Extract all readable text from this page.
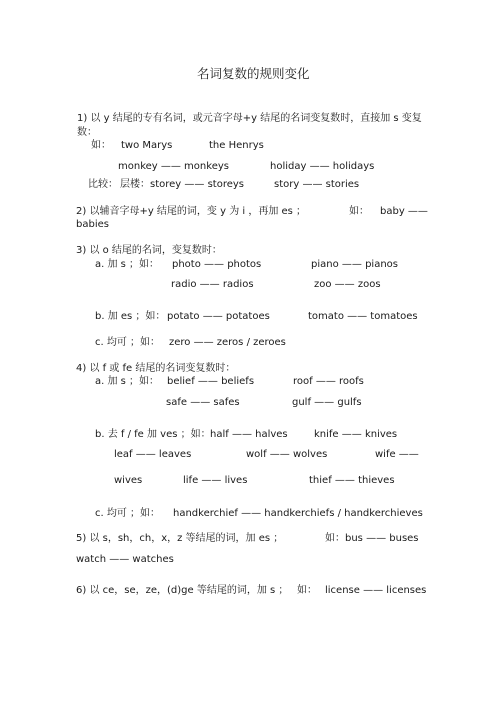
名词复数的规则变化
1) 以 y 结尾的专有名词，或元音字母+y 结尾的名词变复数时，直接加 s 变复
数：
如： two Marys	the Henrys
monkey —— monkeys	holiday —— holidays
比较： 层楼：storey —— storeys	story —— stories
2) 以辅音字母+y 结尾的词，变 y 为 i ，再加 es ；	如： baby ——
babies
3) 以 o 结尾的名词，变复数时：
a. 加 s ；如： photo —— photos	piano —— pianos
radio —— radios	zoo —— zoos
b. 加 es ；如： potato —— potatoes	tomato —— tomatoes
c. 均可 ；如： zero —— zeros / zeroes
4) 以 f 或 fe 结尾的名词变复数时：
a. 加 s ；如： belief —— beliefs	roof —— roofs
safe —— safes	gulf —— gulfs
b. 去 f / fe 加 ves ；如： half —— halves	knife —— knives
leaf —— leaves	wolf —— wolves	wife ——
wives	life —— lives	thief —— thieves
c. 均可 ；如： handkerchief —— handkerchiefs / handkerchieves
5) 以 s，sh，ch，x，z 等结尾的词，加 es ；	如： bus —— buses
watch —— watches
6) 以 ce，se，ze，(d)ge 等结尾的词，加 s ； 如： license —— licenses
